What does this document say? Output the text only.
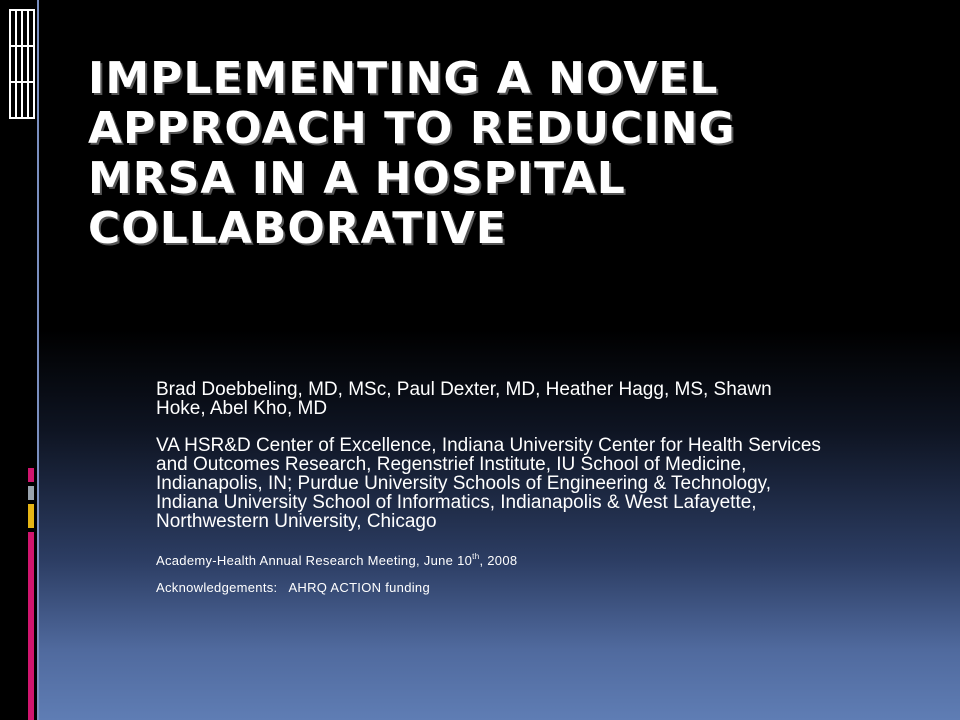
IMPLEMENTING A NOVEL APPROACH TO REDUCING MRSA IN A HOSPITAL COLLABORATIVE

Brad Doebbeling, MD, MSc, Paul Dexter, MD, Heather Hagg, MS, Shawn Hoke, Abel Kho, MD

VA HSR&D Center of Excellence, Indiana University Center for Health Services and Outcomes Research, Regenstrief Institute, IU School of Medicine, Indianapolis, IN; Purdue University Schools of Engineering & Technology, Indiana University School of Informatics, Indianapolis & West Lafayette, Northwestern University, Chicago

Academy-Health Annual Research Meeting, June 10th, 2008

Acknowledgements:   AHRQ ACTION funding
